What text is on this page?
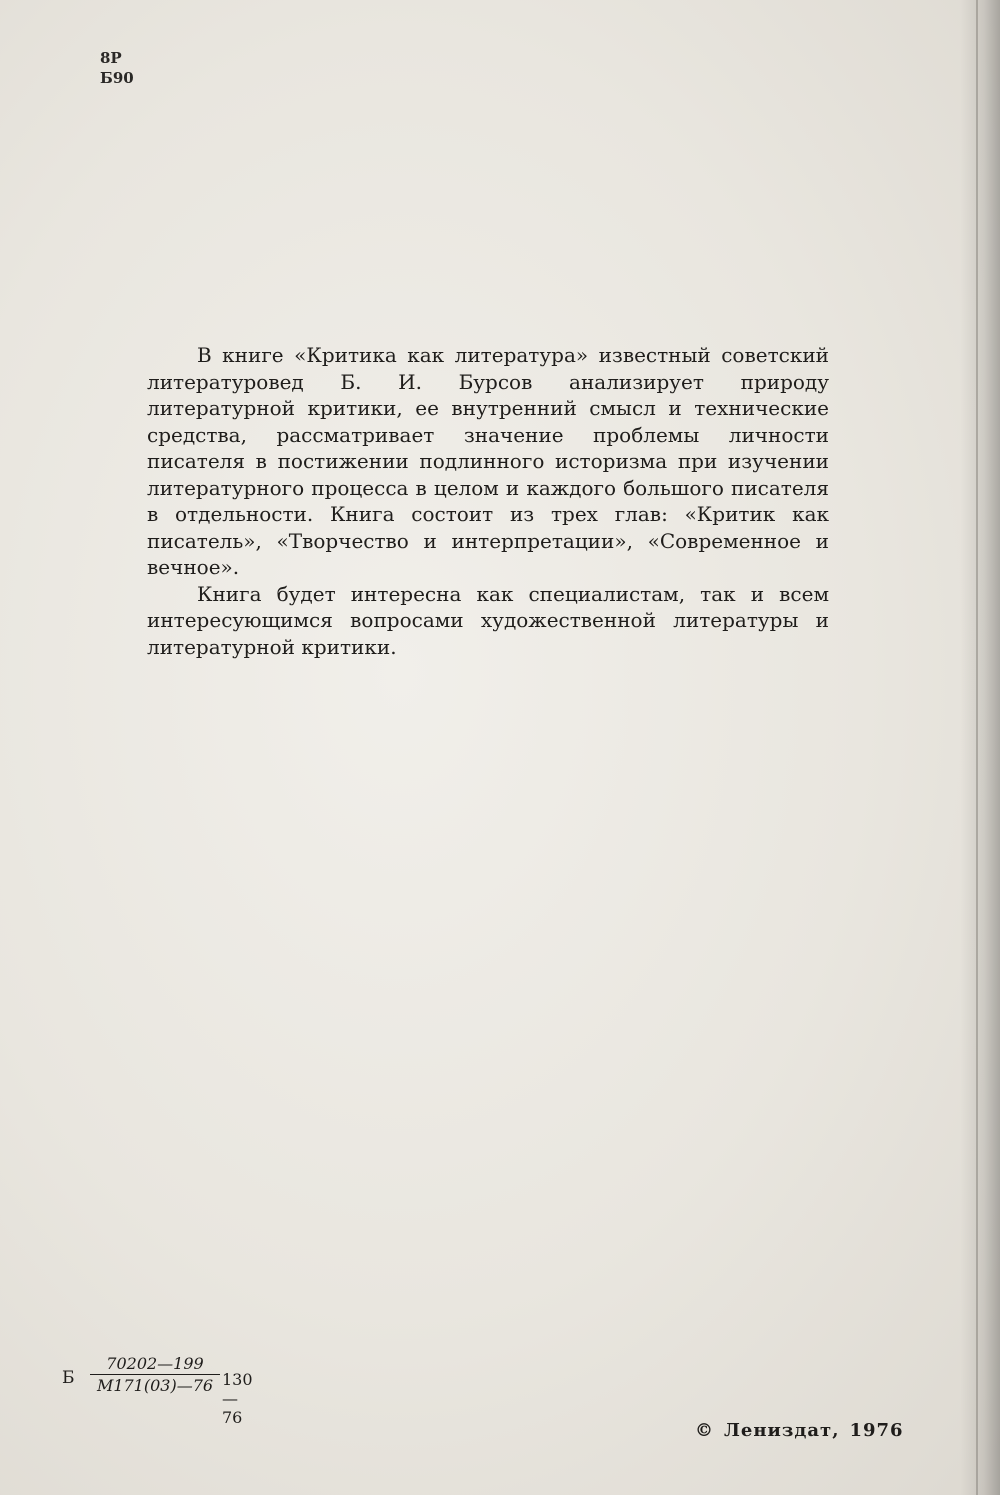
8Р
Б90

В книге «Критика как литература» известный советский литературовед Б. И. Бурсов анализирует природу литературной критики, ее внутренний смысл и технические средства, рассматривает значение проблемы личности писателя в постижении подлинного историзма при изучении литературного процесса в целом и каждого большого писателя в отдельности. Книга состоит из трех глав: «Критик как писатель», «Творчество и интерпретации», «Современное и вечное».

Книга будет интересна как специалистам, так и всем интересующимся вопросами художественной литературы и литературной критики.

Б
70202—199
М171(03)—76 130—76
© Лениздат, 1976
